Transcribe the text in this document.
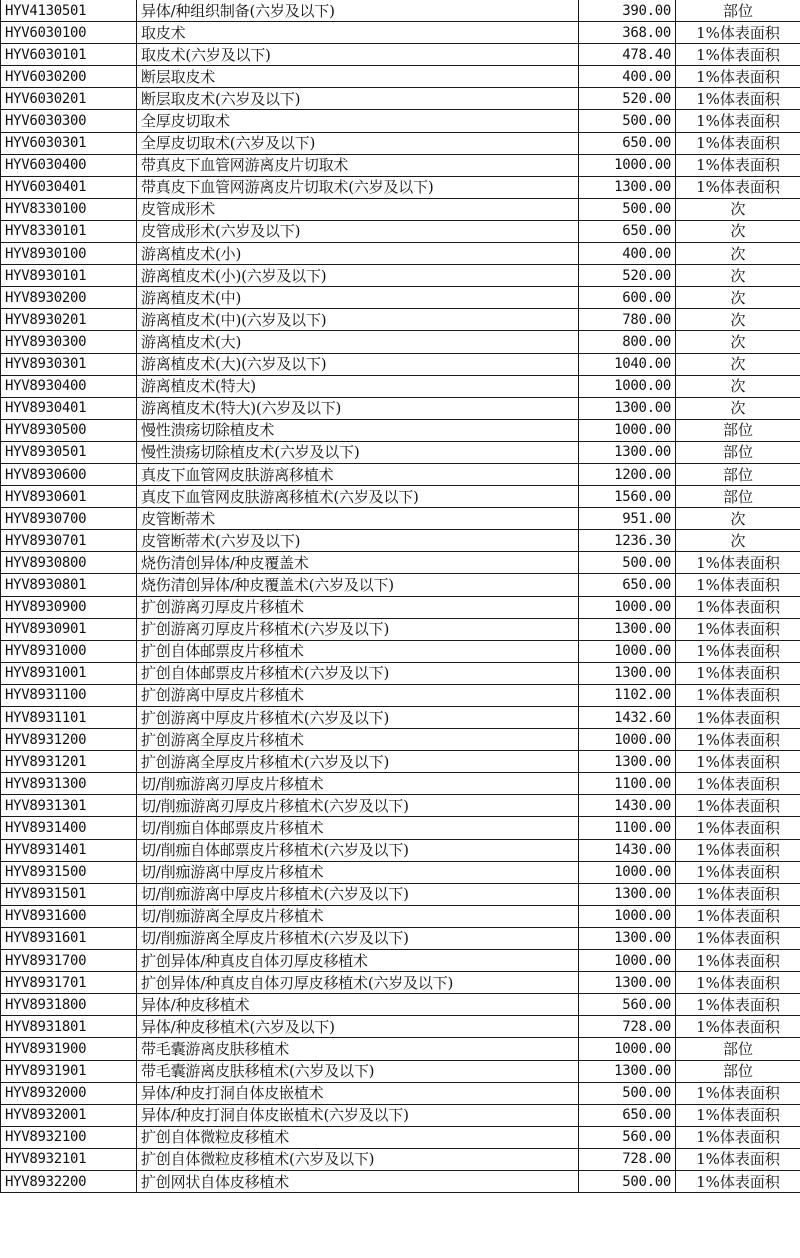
HYV4130501	异体/种组织制备(六岁及以下)	390.00	部位
HYV6030100	取皮术	368.00	1%体表面积
HYV6030101	取皮术(六岁及以下)	478.40	1%体表面积
HYV6030200	断层取皮术	400.00	1%体表面积
HYV6030201	断层取皮术(六岁及以下)	520.00	1%体表面积
HYV6030300	全厚皮切取术	500.00	1%体表面积
HYV6030301	全厚皮切取术(六岁及以下)	650.00	1%体表面积
HYV6030400	带真皮下血管网游离皮片切取术	1000.00	1%体表面积
HYV6030401	带真皮下血管网游离皮片切取术(六岁及以下)	1300.00	1%体表面积
HYV8330100	皮管成形术	500.00	次
HYV8330101	皮管成形术(六岁及以下)	650.00	次
HYV8930100	游离植皮术(小)	400.00	次
HYV8930101	游离植皮术(小)(六岁及以下)	520.00	次
HYV8930200	游离植皮术(中)	600.00	次
HYV8930201	游离植皮术(中)(六岁及以下)	780.00	次
HYV8930300	游离植皮术(大)	800.00	次
HYV8930301	游离植皮术(大)(六岁及以下)	1040.00	次
HYV8930400	游离植皮术(特大)	1000.00	次
HYV8930401	游离植皮术(特大)(六岁及以下)	1300.00	次
HYV8930500	慢性溃疡切除植皮术	1000.00	部位
HYV8930501	慢性溃疡切除植皮术(六岁及以下)	1300.00	部位
HYV8930600	真皮下血管网皮肤游离移植术	1200.00	部位
HYV8930601	真皮下血管网皮肤游离移植术(六岁及以下)	1560.00	部位
HYV8930700	皮管断蒂术	951.00	次
HYV8930701	皮管断蒂术(六岁及以下)	1236.30	次
HYV8930800	烧伤清创异体/种皮覆盖术	500.00	1%体表面积
HYV8930801	烧伤清创异体/种皮覆盖术(六岁及以下)	650.00	1%体表面积
HYV8930900	扩创游离刃厚皮片移植术	1000.00	1%体表面积
HYV8930901	扩创游离刃厚皮片移植术(六岁及以下)	1300.00	1%体表面积
HYV8931000	扩创自体邮票皮片移植术	1000.00	1%体表面积
HYV8931001	扩创自体邮票皮片移植术(六岁及以下)	1300.00	1%体表面积
HYV8931100	扩创游离中厚皮片移植术	1102.00	1%体表面积
HYV8931101	扩创游离中厚皮片移植术(六岁及以下)	1432.60	1%体表面积
HYV8931200	扩创游离全厚皮片移植术	1000.00	1%体表面积
HYV8931201	扩创游离全厚皮片移植术(六岁及以下)	1300.00	1%体表面积
HYV8931300	切/削痂游离刃厚皮片移植术	1100.00	1%体表面积
HYV8931301	切/削痂游离刃厚皮片移植术(六岁及以下)	1430.00	1%体表面积
HYV8931400	切/削痂自体邮票皮片移植术	1100.00	1%体表面积
HYV8931401	切/削痂自体邮票皮片移植术(六岁及以下)	1430.00	1%体表面积
HYV8931500	切/削痂游离中厚皮片移植术	1000.00	1%体表面积
HYV8931501	切/削痂游离中厚皮片移植术(六岁及以下)	1300.00	1%体表面积
HYV8931600	切/削痂游离全厚皮片移植术	1000.00	1%体表面积
HYV8931601	切/削痂游离全厚皮片移植术(六岁及以下)	1300.00	1%体表面积
HYV8931700	扩创异体/种真皮自体刃厚皮移植术	1000.00	1%体表面积
HYV8931701	扩创异体/种真皮自体刃厚皮移植术(六岁及以下)	1300.00	1%体表面积
HYV8931800	异体/种皮移植术	560.00	1%体表面积
HYV8931801	异体/种皮移植术(六岁及以下)	728.00	1%体表面积
HYV8931900	带毛囊游离皮肤移植术	1000.00	部位
HYV8931901	带毛囊游离皮肤移植术(六岁及以下)	1300.00	部位
HYV8932000	异体/种皮打洞自体皮嵌植术	500.00	1%体表面积
HYV8932001	异体/种皮打洞自体皮嵌植术(六岁及以下)	650.00	1%体表面积
HYV8932100	扩创自体微粒皮移植术	560.00	1%体表面积
HYV8932101	扩创自体微粒皮移植术(六岁及以下)	728.00	1%体表面积
HYV8932200	扩创网状自体皮移植术	500.00	1%体表面积
